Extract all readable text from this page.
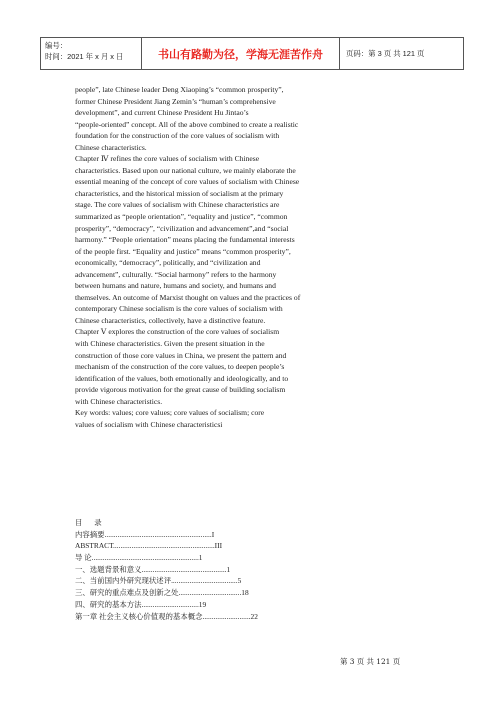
编号：
时间：2021 年 x 月 x 日	书山有路勤为径，学海无涯苦作舟	页码：第 3 页 共 121 页
people”, late Chinese leader Deng Xiaoping’s “common prosperity”,
former Chinese President Jiang Zemin’s “human’s comprehensive
development”, and current Chinese President Hu Jintao’s
“people-oriented” concept. All of the above combined to create a realistic
foundation for the construction of the core values of socialism with
Chinese characteristics.
Chapter Ⅳ refines the core values of socialism with Chinese
characteristics. Based upon our national culture, we mainly elaborate the
essential meaning of the concept of core values of socialism with Chinese
characteristics, and the historical mission of socialism at the primary
stage. The core values of socialism with Chinese characteristics are
summarized as “people orientation”, “equality and justice”, “common
prosperity”, “democracy”, “civilization and advancement”,and “social
harmony.” “People orientation” means placing the fundamental interests
of the people first. “Equality and justice” means “common prosperity”,
economically, “democracy”, politically, and “civilization and
advancement”, culturally. “Social harmony” refers to the harmony
between humans and nature, humans and society, and humans and
themselves. An outcome of Marxist thought on values and the practices of
contemporary Chinese socialism is the core values of socialism with
Chinese characteristics, collectively, have a distinctive feature.
Chapter Ⅴ explores the construction of the core values of socialism
with Chinese characteristics. Given the present situation in the
construction of those core values in China, we present the pattern and
mechanism of the construction of the core values, to deepen people’s
identification of the values, both emotionally and ideologically, and to
provide vigorous motivation for the great cause of building socialism
with Chinese characteristics.
Key words: values; core values; core values of socialism; core
values of socialism with Chinese characteristicsi
目 录
内容摘要..........................................................I
ABSTRACT.......................................................III
导 论..........................................................1
一、选题背景和意义..............................................1
二、当前国内外研究现状述评....................................5
三、研究的重点难点及创新之处..................................18
四、研究的基本方法...............................19
第一章 社会主义核心价值观的基本概念..........................22
第 3 页 共 121 页
